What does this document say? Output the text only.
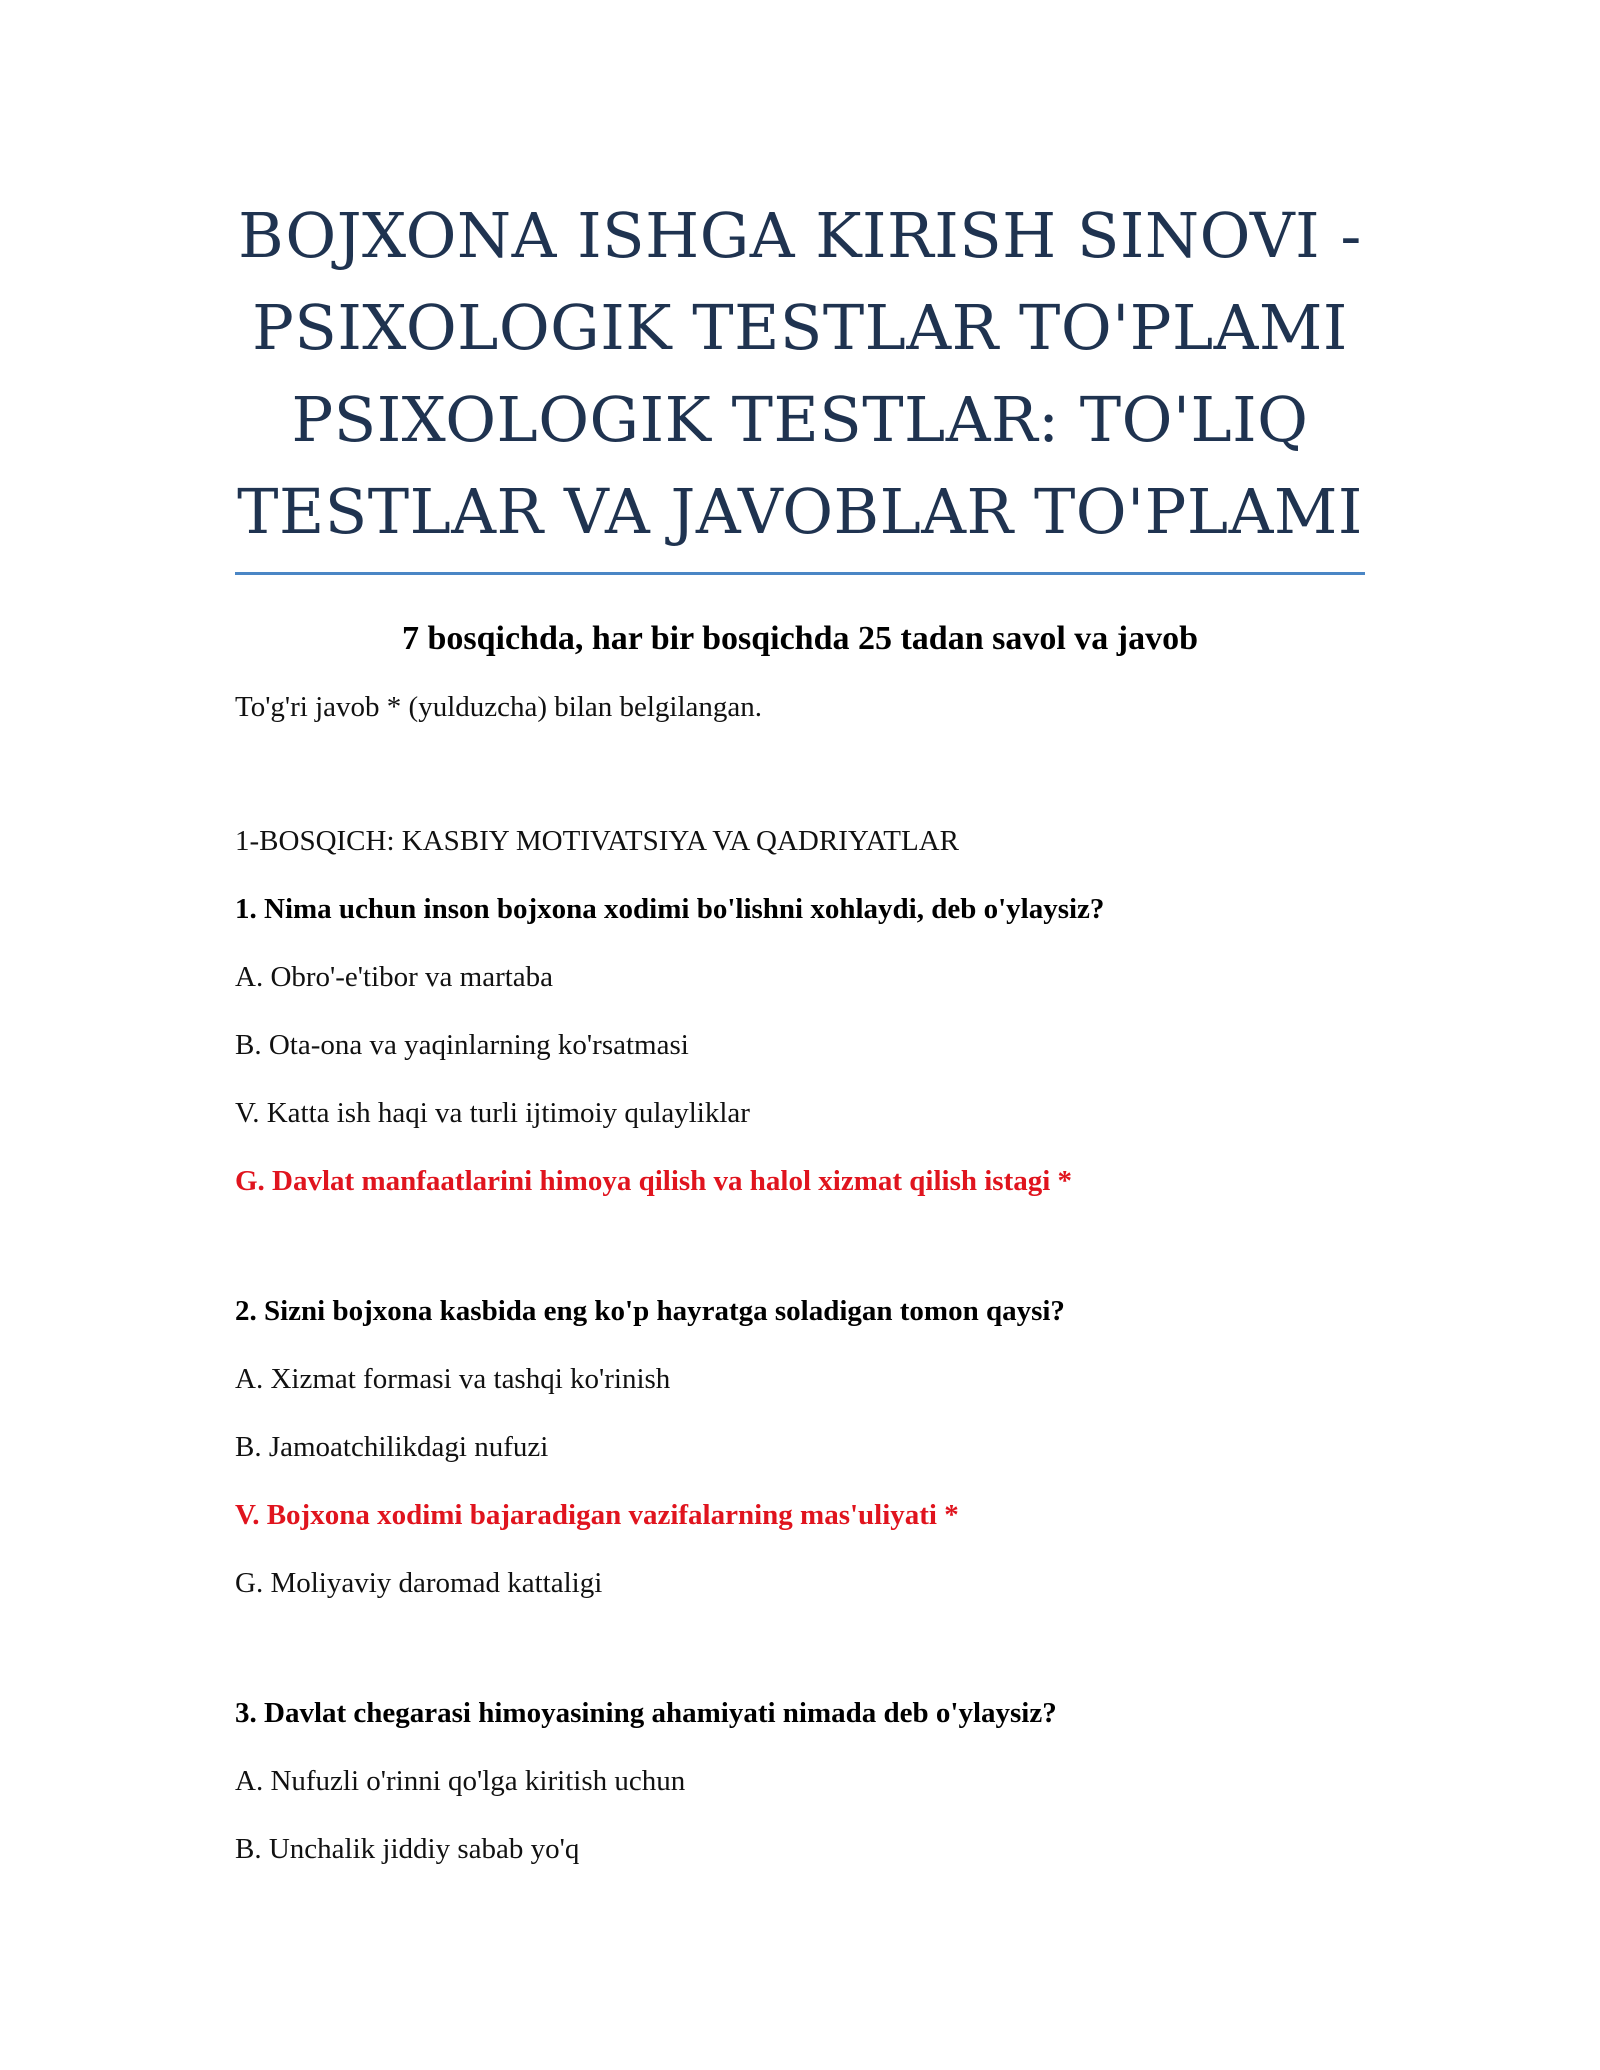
BOJXONA ISHGA KIRISH SINOVI -
PSIXOLOGIK TESTLAR TO'PLAMI
PSIXOLOGIK TESTLAR: TO'LIQ
TESTLAR VA JAVOBLAR TO'PLAMI

7 bosqichda, har bir bosqichda 25 tadan savol va javob

To'g'ri javob * (yulduzcha) bilan belgilangan.

1-BOSQICH: KASBIY MOTIVATSIYA VA QADRIYATLAR

1. Nima uchun inson bojxona xodimi bo'lishni xohlaydi, deb o'ylaysiz?

A. Obro'-e'tibor va martaba

B. Ota-ona va yaqinlarning ko'rsatmasi

V. Katta ish haqi va turli ijtimoiy qulayliklar

G. Davlat manfaatlarini himoya qilish va halol xizmat qilish istagi *

2. Sizni bojxona kasbida eng ko'p hayratga soladigan tomon qaysi?

A. Xizmat formasi va tashqi ko'rinish

B. Jamoatchilikdagi nufuzi

V. Bojxona xodimi bajaradigan vazifalarning mas'uliyati *

G. Moliyaviy daromad kattaligi

3. Davlat chegarasi himoyasining ahamiyati nimada deb o'ylaysiz?

A. Nufuzli o'rinni qo'lga kiritish uchun

B. Unchalik jiddiy sabab yo'q
